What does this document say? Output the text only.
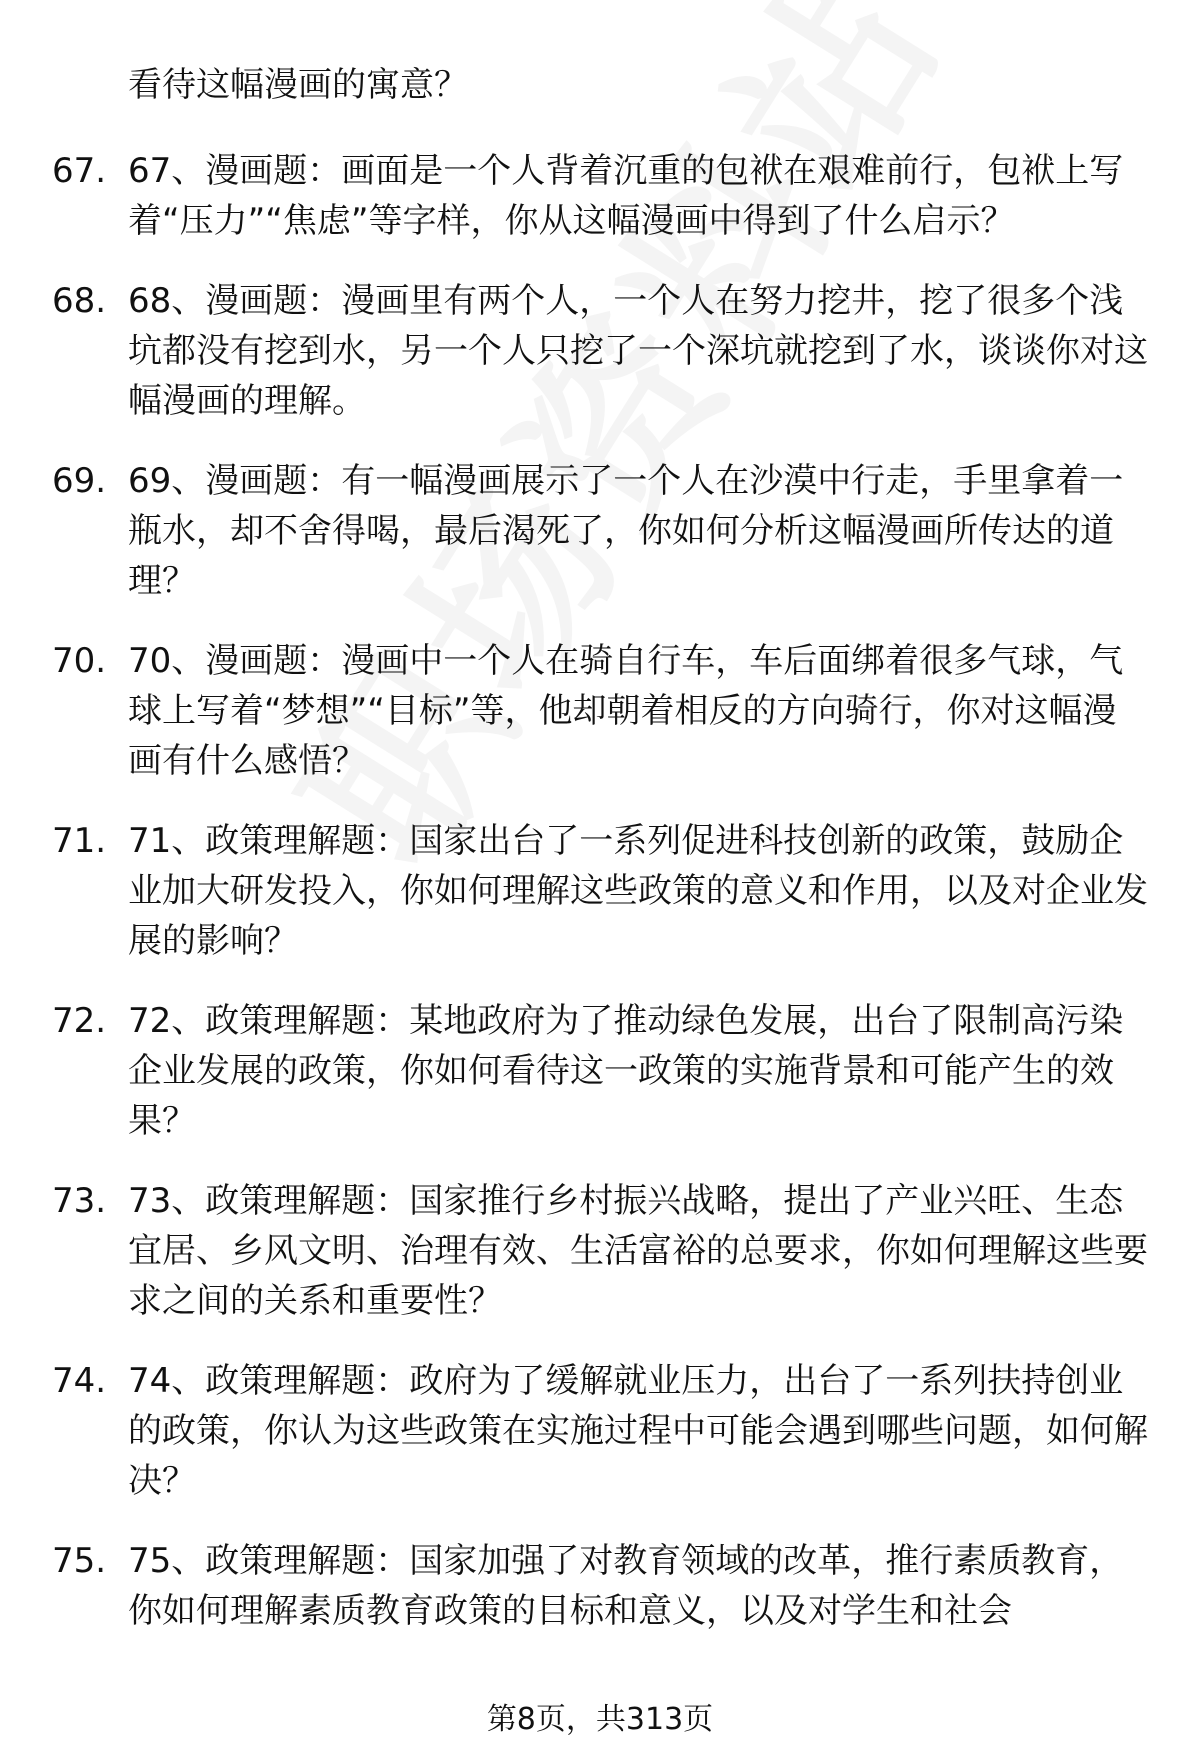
看待这幅漫画的寓意？
67. 67、漫画题：画面是一个人背着沉重的包袱在艰难前行，包袱上写着“压力”“焦虑”等字样，你从这幅漫画中得到了什么启示？
68. 68、漫画题：漫画里有两个人，一个人在努力挖井，挖了很多个浅坑都没有挖到水，另一个人只挖了一个深坑就挖到了水，谈谈你对这幅漫画的理解。
69. 69、漫画题：有一幅漫画展示了一个人在沙漠中行走，手里拿着一瓶水，却不舍得喝，最后渴死了，你如何分析这幅漫画所传达的道理？
70. 70、漫画题：漫画中一个人在骑自行车，车后面绑着很多气球，气球上写着“梦想”“目标”等，他却朝着相反的方向骑行，你对这幅漫画有什么感悟？
71. 71、政策理解题：国家出台了一系列促进科技创新的政策，鼓励企业加大研发投入，你如何理解这些政策的意义和作用，以及对企业发展的影响？
72. 72、政策理解题：某地政府为了推动绿色发展，出台了限制高污染企业发展的政策，你如何看待这一政策的实施背景和可能产生的效果？
73. 73、政策理解题：国家推行乡村振兴战略，提出了产业兴旺、生态宜居、乡风文明、治理有效、生活富裕的总要求，你如何理解这些要求之间的关系和重要性？
74. 74、政策理解题：政府为了缓解就业压力，出台了一系列扶持创业的政策，你认为这些政策在实施过程中可能会遇到哪些问题，如何解决？
75. 75、政策理解题：国家加强了对教育领域的改革，推行素质教育，你如何理解素质教育政策的目标和意义，以及对学生和社会
第8页，共313页
